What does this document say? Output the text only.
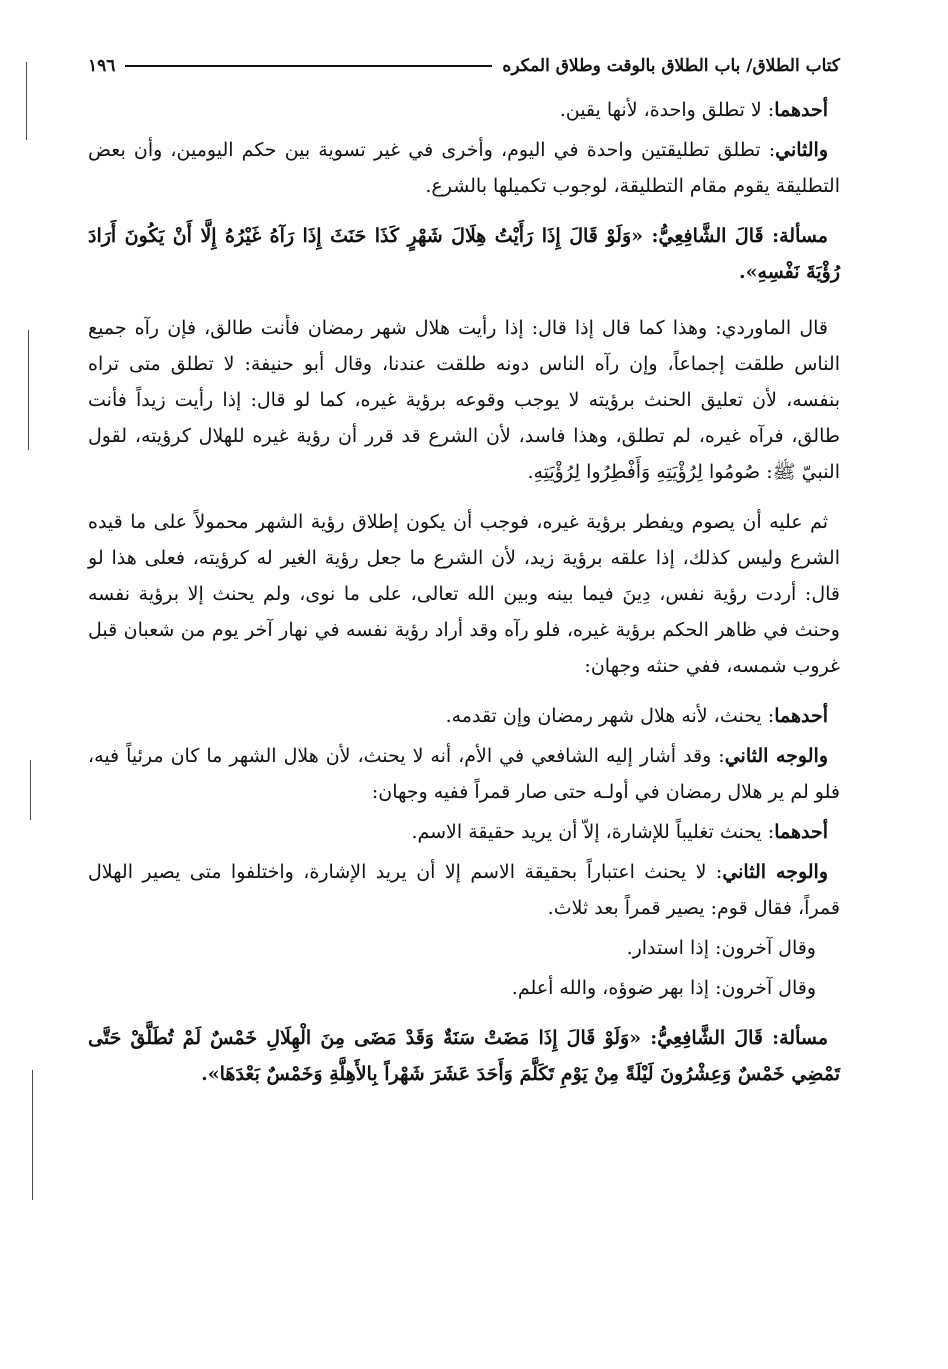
كتاب الطلاق/ باب الطلاق بالوقت وطلاق المكره
١٩٦
أحدهما: لا تطلق واحدة، لأنها يقين.
والثاني: تطلق تطليقتين واحدة في اليوم، وأخرى في غير تسوية بين حكم اليومين، وأن بعض التطليقة يقوم مقام التطليقة، لوجوب تكميلها بالشرع.
مسألة: قَالَ الشَّافِعِيُّ: «وَلَوْ قَالَ إِذَا رَأَيْتُ هِلَالَ شَهْرٍ كَذَا حَنَثَ إِذَا رَآهُ غَيْرُهُ إِلَّا أَنْ يَكُونَ أَرَادَ رُؤْيَةَ نَفْسِهِ».
قال الماوردي: وهذا كما قال إذا قال: إذا رأيت هلال شهر رمضان فأنت طالق، فإن رآه جميع الناس طلقت إجماعاً، وإن رآه الناس دونه طلقت عندنا، وقال أبو حنيفة: لا تطلق متى تراه بنفسه، لأن تعليق الحنث برؤيته لا يوجب وقوعه برؤية غيره، كما لو قال: إذا رأيت زيداً فأنت طالق، فرآه غيره، لم تطلق، وهذا فاسد، لأن الشرع قد قرر أن رؤية غيره للهلال كرؤيته، لقول النبيّ ﷺ: صُومُوا لِرُؤْيَتِهِ وَأَفْطِرُوا لِرُؤْيَتِهِ.
ثم عليه أن يصوم ويفطر برؤية غيره، فوجب أن يكون إطلاق رؤية الشهر محمولاً على ما قيده الشرع وليس كذلك، إذا علقه برؤية زيد، لأن الشرع ما جعل رؤية الغير له كرؤيته، فعلى هذا لو قال: أردت رؤية نفس، دِينَ فيما بينه وبين الله تعالى، على ما نوى، ولم يحنث إلا برؤية نفسه وحنث في ظاهر الحكم برؤية غيره، فلو رآه وقد أراد رؤية نفسه في نهار آخر يوم من شعبان قبل غروب شمسه، ففي حنثه وجهان:
أحدهما: يحنث، لأنه هلال شهر رمضان وإن تقدمه.
والوجه الثاني: وقد أشار إليه الشافعي في الأم، أنه لا يحنث، لأن هلال الشهر ما كان مرئياً فيه، فلو لم ير هلال رمضان في أولـه حتى صار قمراً ففيه وجهان:
أحدهما: يحنث تغليباً للإشارة، إلاّ أن يريد حقيقة الاسم.
والوجه الثاني: لا يحنث اعتباراً بحقيقة الاسم إلا أن يريد الإشارة، واختلفوا متى يصير الهلال قمراً، فقال قوم: يصير قمراً بعد ثلاث.
وقال آخرون: إذا استدار.
وقال آخرون: إذا بهر ضوؤه، والله أعلم.
مسألة: قَالَ الشَّافِعِيُّ: «وَلَوْ قَالَ إِذَا مَضَتْ سَنَةٌ وَقَدْ مَضَى مِنَ الْهِلَالِ خَمْسٌ لَمْ تُطَلَّقْ حَتَّى تَمْضِي خَمْسٌ وَعِشْرُونَ لَيْلَةً مِنْ يَوْمِ تَكَلَّمَ وَأَحَدَ عَشَرَ شَهْراً بِالأَهِلَّةِ وَخَمْسٌ بَعْدَهَا».
